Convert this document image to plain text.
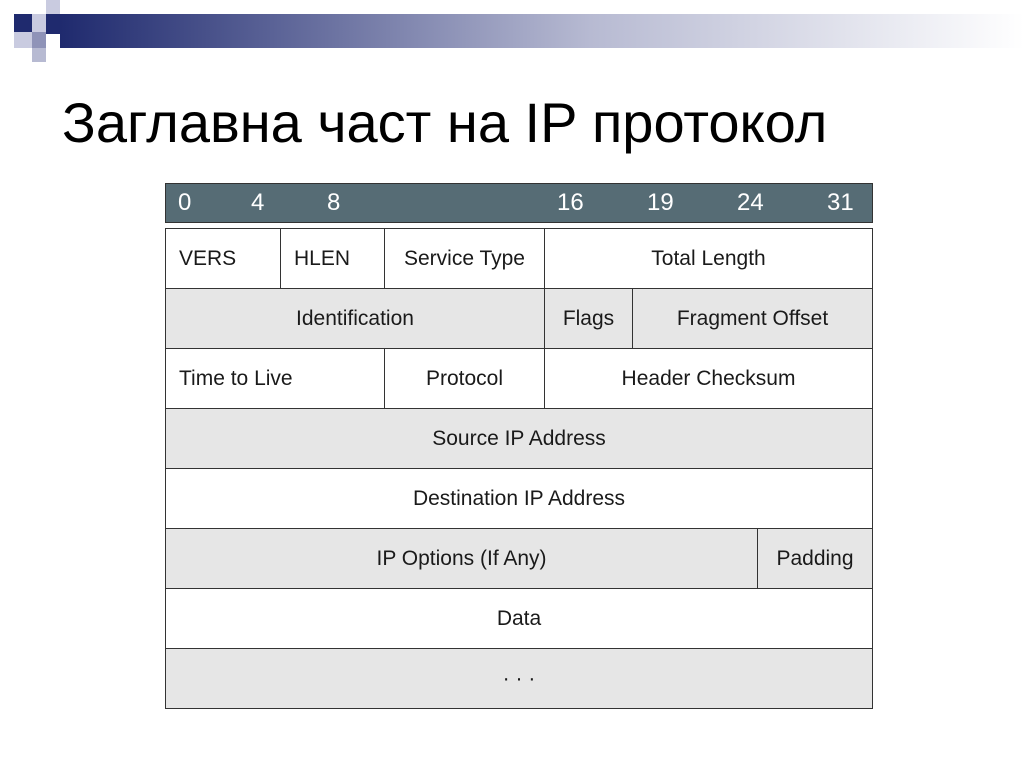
Заглавна част на IP протокол
0 4	8	16	19	24	31
VERS	HLEN	Service Type	Total Length
Identification	Flags	Fragment Offset
Time to Live	Protocol	Header Checksum
Source IP Address
Destination IP Address
IP Options (If Any)	Padding
Data
· · ·
